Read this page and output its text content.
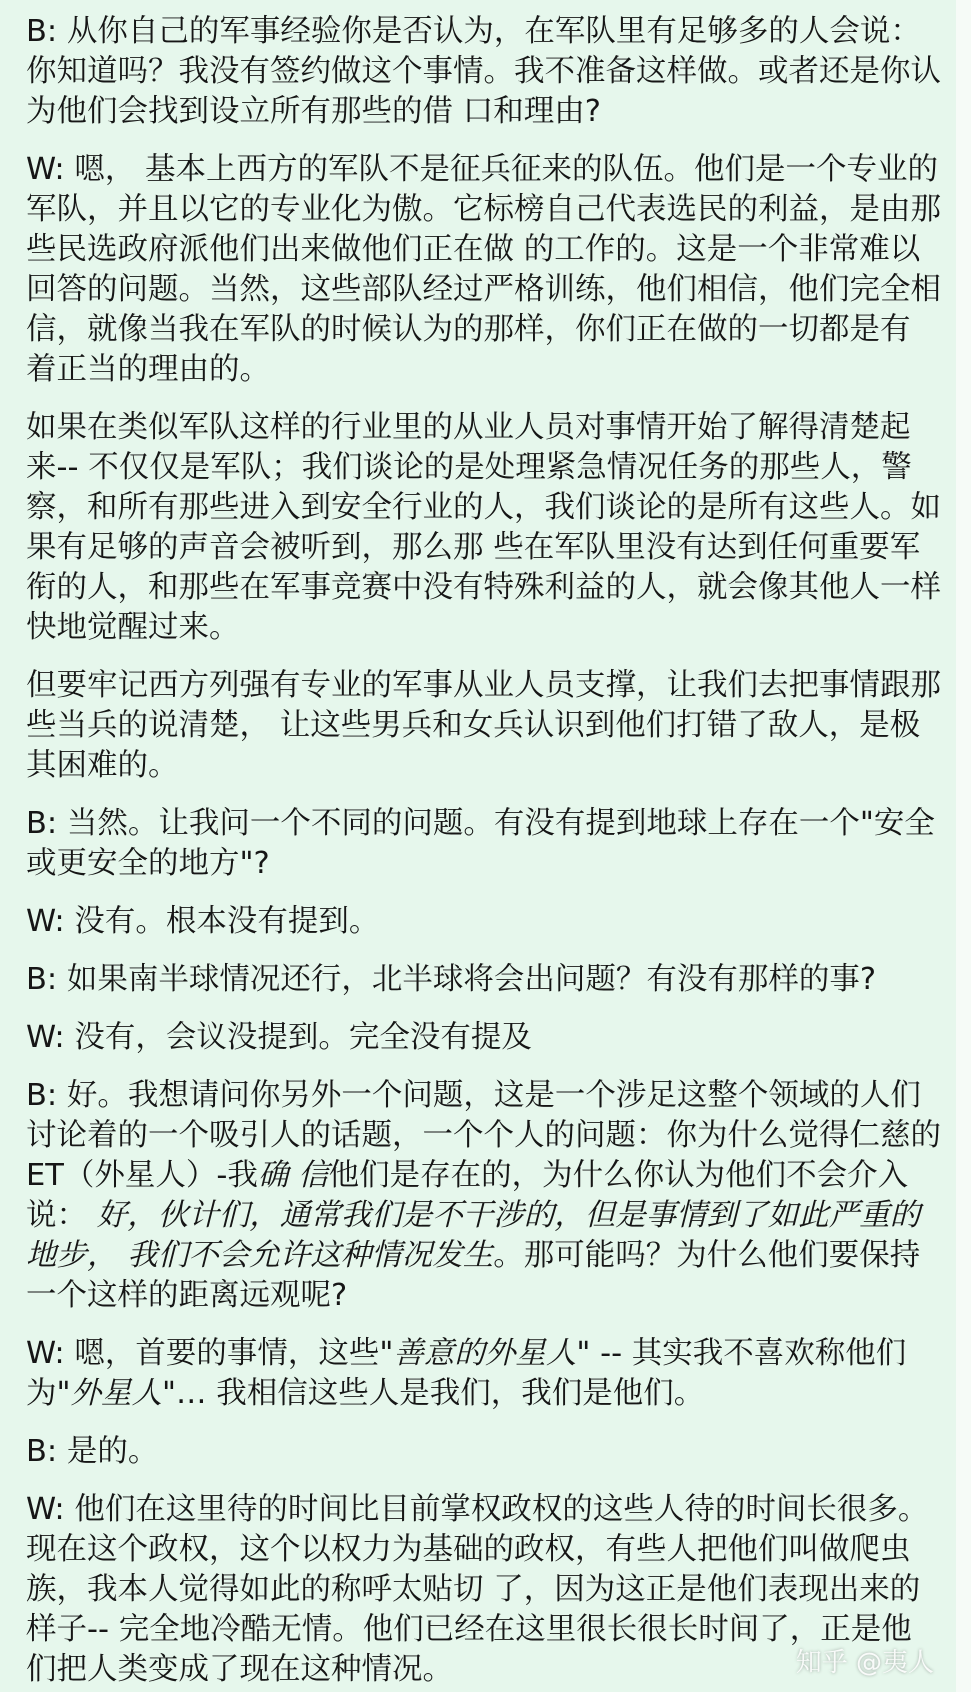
B: 从你自己的军事经验你是否认为，在军队里有足够多的人会说：你知道吗？我没有签约做这个事情。我不准备这样做。或者还是你认为他们会找到设立所有那些的借 口和理由?

W: 嗯， 基本上西方的军队不是征兵征来的队伍。他们是一个专业的军队，并且以它的专业化为傲。它标榜自己代表选民的利益，是由那些民选政府派他们出来做他们正在做 的工作的。这是一个非常难以回答的问题。当然，这些部队经过严格训练，他们相信，他们完全相信，就像当我在军队的时候认为的那样，你们正在做的一切都是有 着正当的理由的。

如果在类似军队这样的行业里的从业人员对事情开始了解得清楚起来-- 不仅仅是军队；我们谈论的是处理紧急情况任务的那些人，警察，和所有那些进入到安全行业的人，我们谈论的是所有这些人。如果有足够的声音会被听到，那么那 些在军队里没有达到任何重要军衔的人，和那些在军事竞赛中没有特殊利益的人，就会像其他人一样快地觉醒过来。

但要牢记西方列强有专业的军事从业人员支撑，让我们去把事情跟那些当兵的说清楚， 让这些男兵和女兵认识到他们打错了敌人，是极其困难的。

B: 当然。让我问一个不同的问题。有没有提到地球上存在一个"安全或更安全的地方"?

W: 没有。根本没有提到。

B: 如果南半球情况还行，北半球将会出问题？有没有那样的事?

W: 没有，会议没提到。完全没有提及

B: 好。我想请问你另外一个问题，这是一个涉足这整个领域的人们讨论着的一个吸引人的话题，一个个人的问题：你为什么觉得仁慈的ET（外星人）-我确 信他们是存在的，为什么你认为他们不会介入说： 好，伙计们，通常我们是不干涉的，但是事情到了如此严重的地步， 我们不会允许这种情况发生。那可能吗？为什么他们要保持一个这样的距离远观呢?

W: 嗯，首要的事情，这些"善意的外星人" -- 其实我不喜欢称他们为"外星人"… 我相信这些人是我们，我们是他们。

B: 是的。

W: 他们在这里待的时间比目前掌权政权的这些人待的时间长很多。现在这个政权，这个以权力为基础的政权，有些人把他们叫做爬虫族，我本人觉得如此的称呼太贴切 了，因为这正是他们表现出来的样子-- 完全地冷酷无情。他们已经在这里很长很长时间了，正是他们把人类变成了现在这种情况。	知乎 @夷人
